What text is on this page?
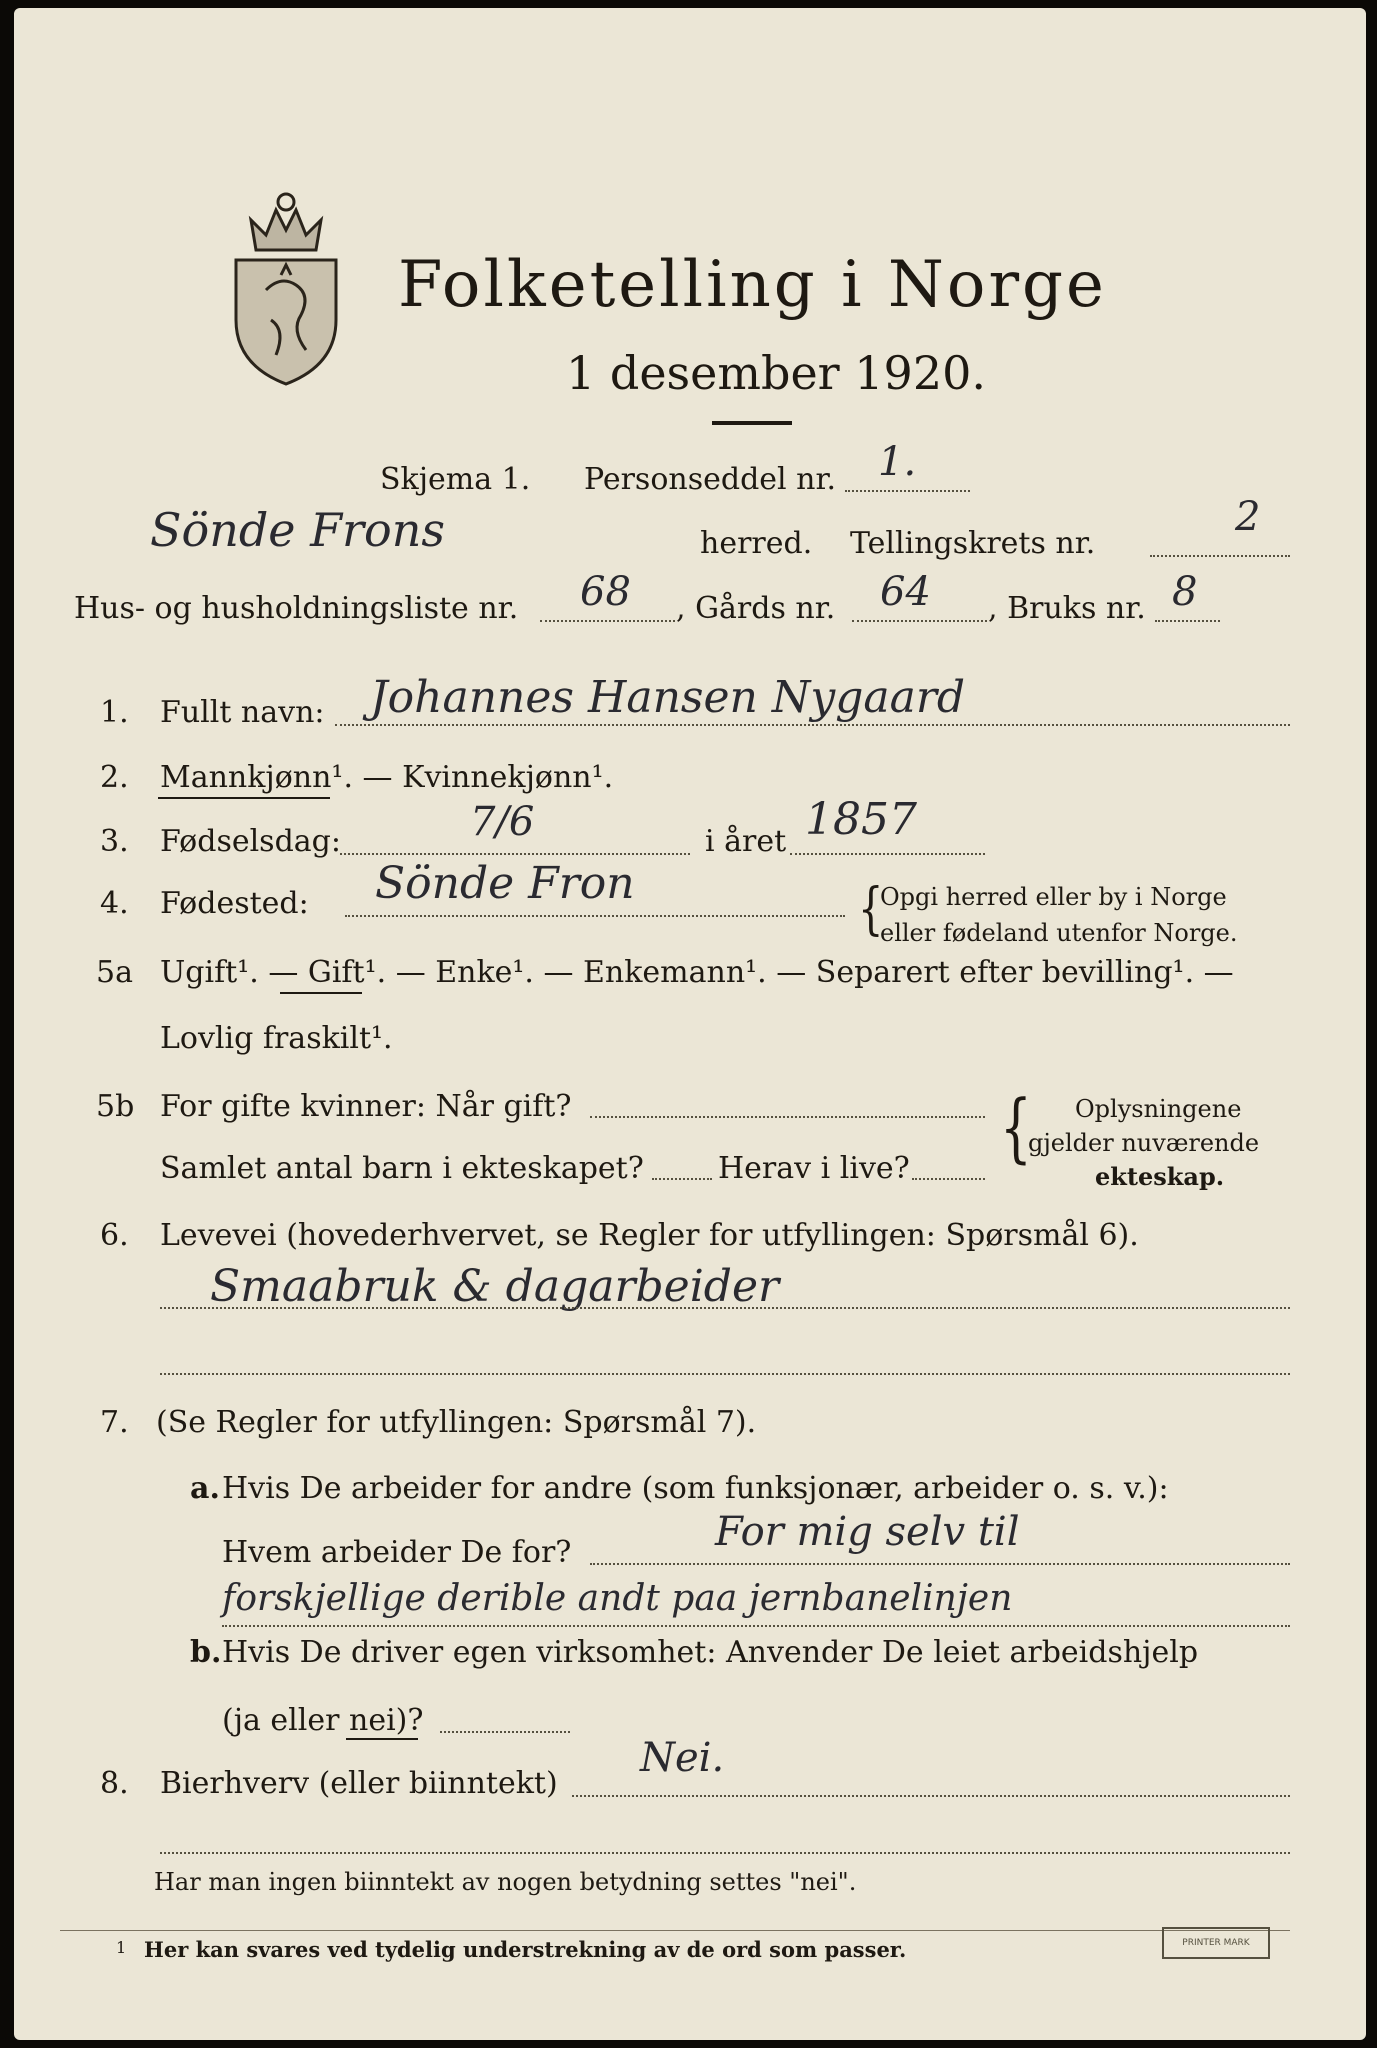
Folketelling i Norge
1 desember 1920.
Skjema 1. Personseddel nr. 1.
Sönde Frons	herred. Tellingskrets nr.
2
Hus- og husholdningsliste nr. 68 , Gårds nr. 64 , Bruks nr. 8
1. Fullt navn: Johannes Hansen Nygaard
2. Mannkjønn¹. — Kvinnekjønn¹.
3. Fødselsdag:	7/6	i året 1857
4. Fødested: Sönde Fron	{
Opgi herred eller by i Norge
eller fødeland utenfor Norge.
5a Ugift¹. — Gift¹. — Enke¹. — Enkemann¹. — Separert efter bevilling¹. —
Lovlig fraskilt¹.
5b For gifte kvinner: Når gift?
Samlet antal barn i ekteskapet? Herav i live? { Oplysningene
gjelder nuværende
ekteskap.
6. Levevei (hovederhvervet, se Regler for utfyllingen: Spørsmål 6).
Smaabruk & dagarbeider
7. (Se Regler for utfyllingen: Spørsmål 7).
a. Hvis De arbeider for andre (som funksjonær, arbeider o. s. v.):
Hvem arbeider De for?	For mig selv til
forskjellige derible andt paa jernbanelinjen
b. Hvis De driver egen virksomhet: Anvender De leiet arbeidshjelp
(ja eller nei)?
8. Bierhverv (eller biinntekt)
Nei.
Har man ingen biinntekt av nogen betydning settes "nei".
1 Her kan svares ved tydelig understrekning av de ord som passer.	PRINTER MARK
